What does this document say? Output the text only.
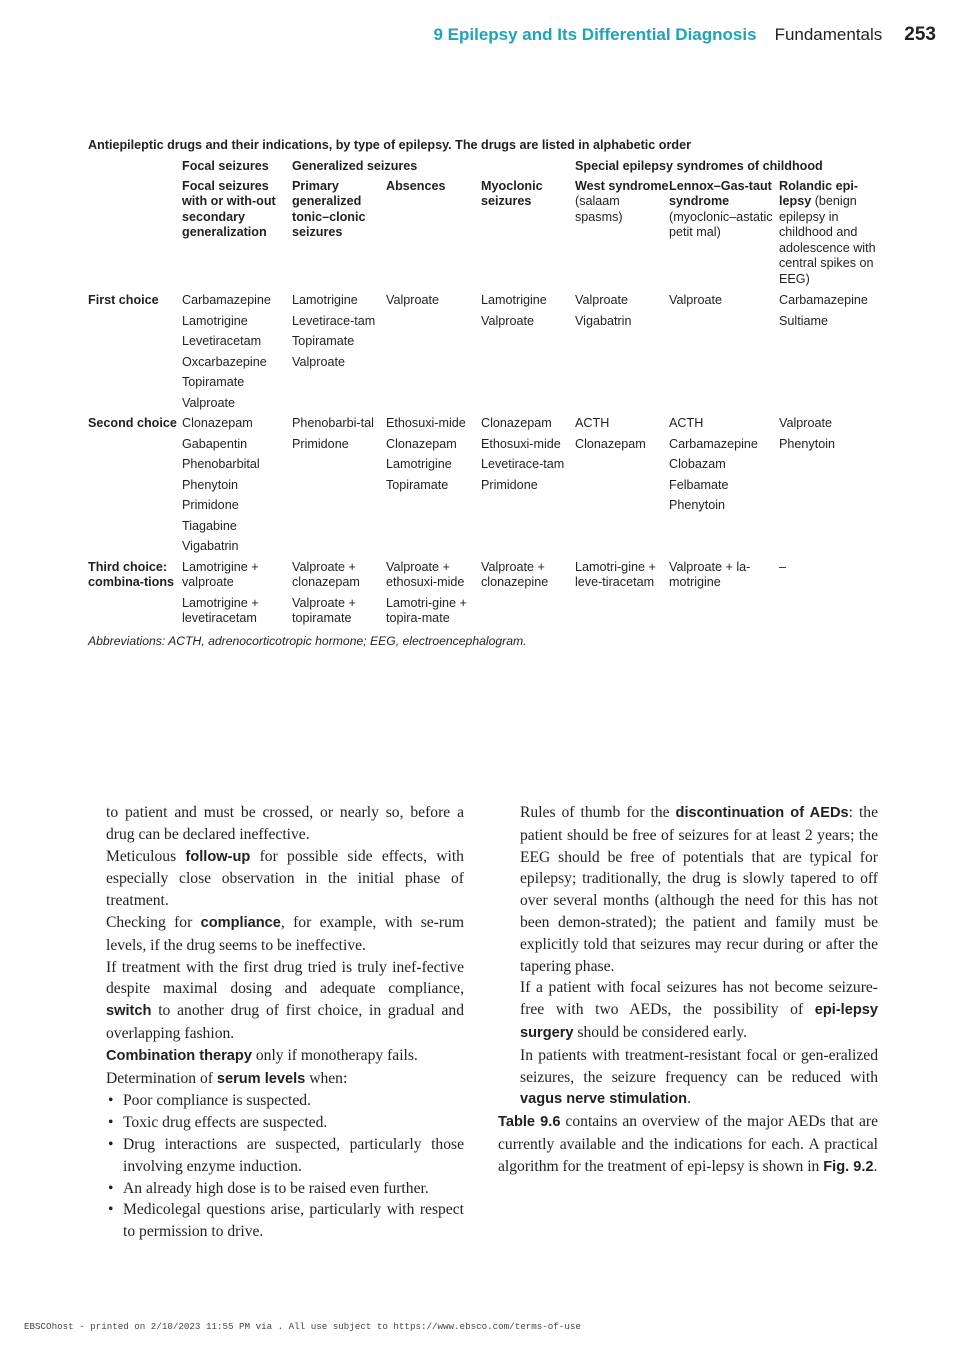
9 Epilepsy and Its Differential Diagnosis Fundamentals 253
Antiepileptic drugs and their indications, by type of epilepsy. The drugs are listed in alphabetic order
	Focal seizures	Generalized seizures			Special epilepsy syndromes of childhood		
	Focal seizures with or with-out secondary generalization	Primary generalized tonic–clonic seizures	Absences	Myoclonic seizures	West syndrome (salaam spasms)	Lennox–Gas-taut syndrome (myoclonic–astatic petit mal)	Rolandic epi-lepsy (benign epilepsy in childhood and adolescence with central spikes on EEG)
First choice	Carbamazepine	Lamotrigine	Valproate	Lamotrigine	Valproate	Valproate	Carbamazepine
	Lamotrigine	Levetirace-tam		Valproate	Vigabatrin		Sultiame
	Levetiracetam	Topiramate					
	Oxcarbazepine	Valproate					
	Topiramate						
	Valproate						
Second choice	Clonazepam	Phenobarbi-tal	Ethosuxi-mide	Clonazepam	ACTH	ACTH	Valproate
	Gabapentin	Primidone	Clonazepam	Ethosuxi-mide	Clonazepam	Carbamazepine	Phenytoin
	Phenobarbital		Lamotrigine	Levetirace-tam		Clobazam	
	Phenytoin		Topiramate	Primidone		Felbamate	
	Primidone					Phenytoin	
	Tiagabine						
	Vigabatrin						
Third choice: combina-tions	Lamotrigine + valproate	Valproate + clonazepam	Valproate + ethosuxi-mide	Valproate + clonazepine	Lamotri-gine + leve-tiracetam	Valproate + la-motrigine	–
	Lamotrigine + levetiracetam	Valproate + topiramate	Lamotri-gine + topira-mate				
Abbreviations: ACTH, adrenocorticotropic hormone; EEG, electroencephalogram.

to patient and must be crossed, or nearly so, before a drug can be declared ineffective.

Meticulous follow-up for possible side effects, with especially close observation in the initial phase of treatment.

Checking for compliance, for example, with se-rum levels, if the drug seems to be ineffective.

If treatment with the first drug tried is truly inef-fective despite maximal dosing and adequate compliance, switch to another drug of first choice, in gradual and overlapping fashion.

Combination therapy only if monotherapy fails.

Determination of serum levels when:

• Poor compliance is suspected.
• Toxic drug effects are suspected.
• Drug interactions are suspected, particularly those involving enzyme induction.
• An already high dose is to be raised even further.
• Medicolegal questions arise, particularly with respect to permission to drive.

Rules of thumb for the discontinuation of AEDs: the patient should be free of seizures for at least 2 years; the EEG should be free of potentials that are typical for epilepsy; traditionally, the drug is slowly tapered to off over several months (although the need for this has not been demon-strated); the patient and family must be explicitly told that seizures may recur during or after the tapering phase.

If a patient with focal seizures has not become seizure-free with two AEDs, the possibility of epi-lepsy surgery should be considered early.

In patients with treatment-resistant focal or gen-eralized seizures, the seizure frequency can be reduced with vagus nerve stimulation.

Table 9.6 contains an overview of the major AEDs that are currently available and the indications for each. A practical algorithm for the treatment of epi-lepsy is shown in Fig. 9.2.

EBSCOhost - printed on 2/10/2023 11:55 PM via . All use subject to https://www.ebsco.com/terms-of-use
